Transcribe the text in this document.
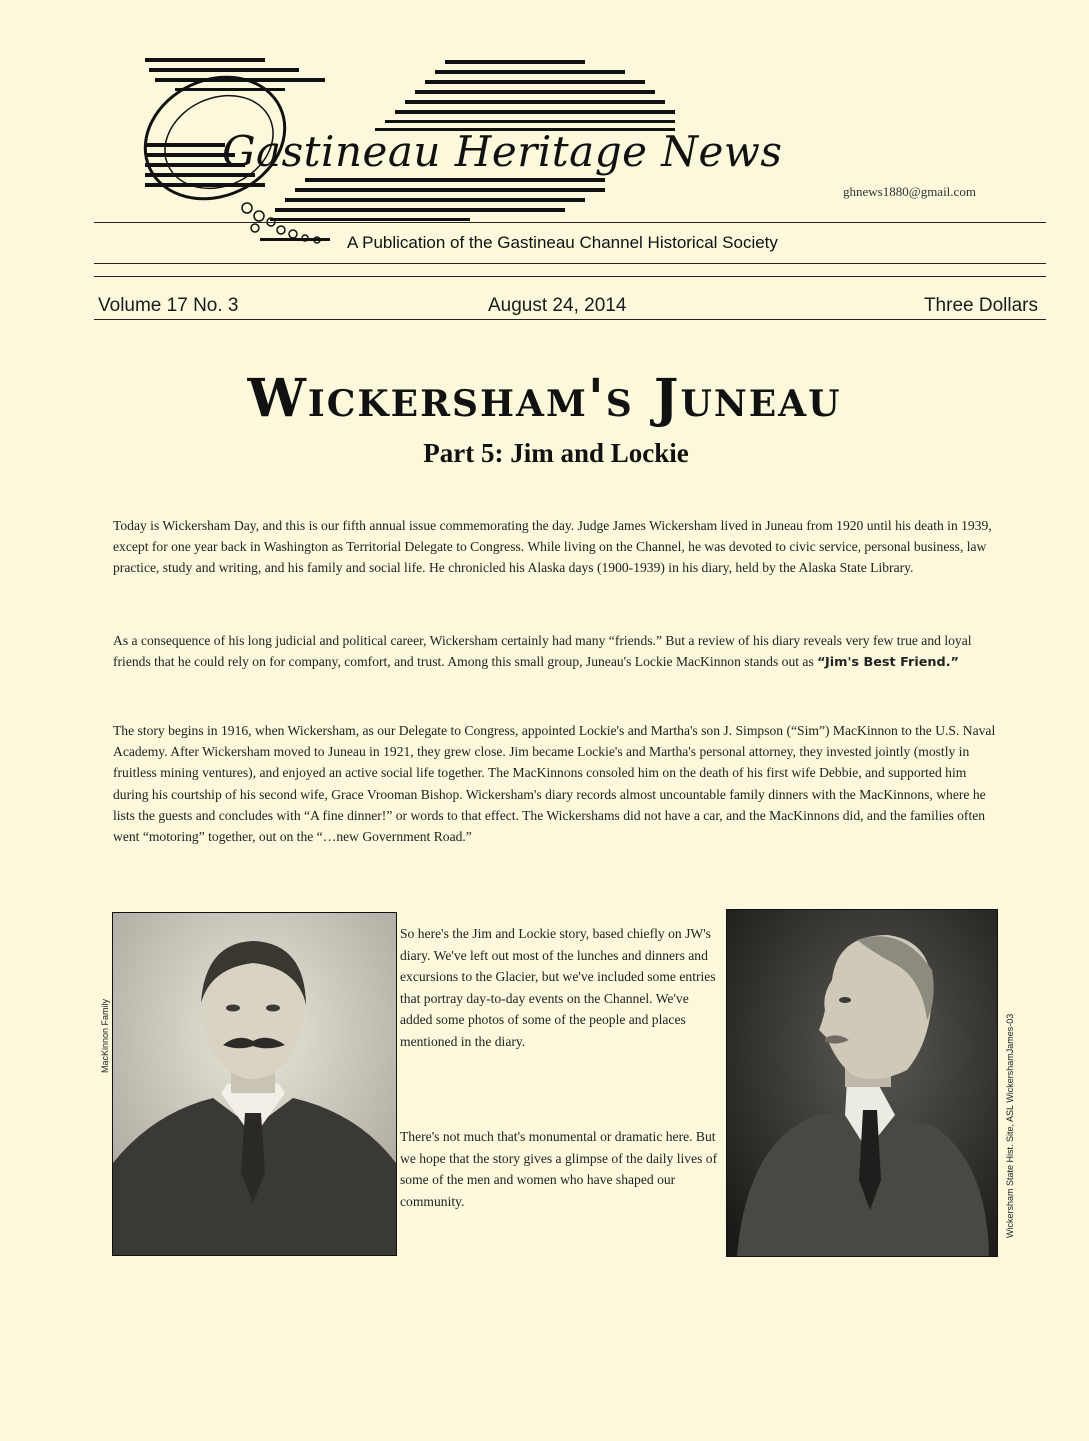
Gastineau Heritage News
ghnews1880@gmail.com
A Publication of the Gastineau Channel Historical Society
Volume 17 No. 3	August 24, 2014	Three Dollars
Wickersham's Juneau
Part 5: Jim and Lockie
Today is Wickersham Day, and this is our fifth annual issue commemorating the day. Judge James Wickersham lived in Juneau from 1920 until his death in 1939, except for one year back in Washington as Territorial Delegate to Congress. While living on the Channel, he was devoted to civic service, personal business, law practice, study and writing, and his family and social life. He chronicled his Alaska days (1900-1939) in his diary, held by the Alaska State Library.
As a consequence of his long judicial and political career, Wickersham certainly had many “friends.” But a review of his diary reveals very few true and loyal friends that he could rely on for company, comfort, and trust. Among this small group, Juneau's Lockie MacKinnon stands out as “Jim's Best Friend.”
The story begins in 1916, when Wickersham, as our Delegate to Congress, appointed Lockie's and Martha's son J. Simpson (“Sim”) MacKinnon to the U.S. Naval Academy. After Wickersham moved to Juneau in 1921, they grew close. Jim became Lockie's and Martha's personal attorney, they invested jointly (mostly in fruitless mining ventures), and enjoyed an active social life together. The MacKinnons consoled him on the death of his first wife Debbie, and supported him during his courtship of his second wife, Grace Vrooman Bishop. Wickersham's diary records almost uncountable family dinners with the MacKinnons, where he lists the guests and concludes with “A fine dinner!” or words to that effect. The Wickershams did not have a car, and the MacKinnons did, and the families often went “motoring” together, out on the “…new Government Road.”
MacKinnon Family
So here's the Jim and Lockie story, based chiefly on JW's diary. We've left out most of the lunches and dinners and excursions to the Glacier, but we've included some entries that portray day-to-day events on the Channel. We've added some photos of some of the people and places mentioned in the diary.
There's not much that's monumental or dramatic here. But we hope that the story gives a glimpse of the daily lives of some of the men and women who have shaped our community.	Wickersham State Hist. Site, ASL WickershamJames-03
